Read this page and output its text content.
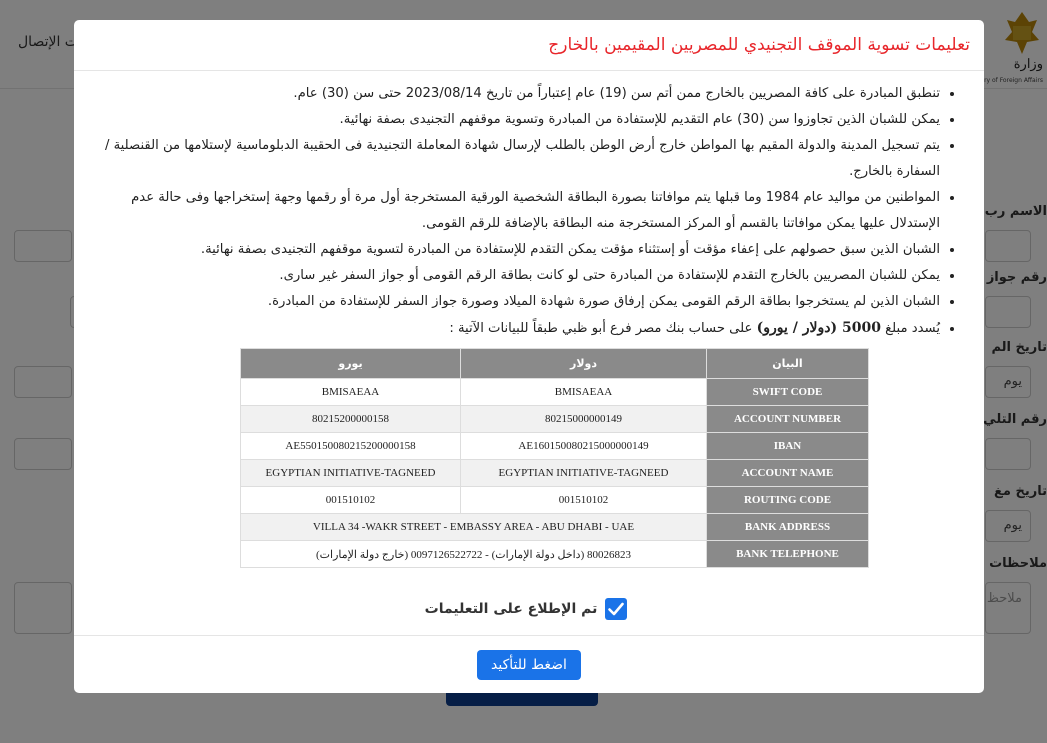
تعليمات تسوية الموقف التجنيدي للمصريين المقيمين بالخارج
• تنطبق المبادرة على كافة المصريين بالخارج ممن أتم سن (19) عام إعتباراً من تاريخ 2023/08/14 حتى سن (30) عام.
• يمكن للشبان الذين تجاوزوا سن (30) عام التقديم للإستفادة من المبادرة وتسوية موقفهم التجنيدى بصفة نهائية.
• يتم تسجيل المدينة والدولة المقيم بها المواطن خارج أرض الوطن بالطلب لإرسال شهادة المعاملة التجنيدية فى الحقيبة الدبلوماسية لإستلامها من القنصلية / السفارة بالخارج.
• المواطنين من مواليد عام 1984 وما قبلها يتم موافاتنا بصورة البطاقة الشخصية الورقية المستخرجة أول مرة أو رقمها وجهة إستخراجها وفى حالة عدم الإستدلال عليها يمكن موافاتنا بالقسم أو المركز المستخرجة منه البطاقة بالإضافة للرقم القومى.
• الشبان الذين سبق حصولهم على إعفاء مؤقت أو إستثناء مؤقت يمكن التقدم للإستفادة من المبادرة لتسوية موقفهم التجنيدى بصفة نهائية.
• يمكن للشبان المصريين بالخارج التقدم للإستفادة من المبادرة حتى لو كانت بطاقة الرقم القومى أو جواز السفر غير سارى.
• الشبان الذين لم يستخرجوا بطاقة الرقم القومى يمكن إرفاق صورة شهادة الميلاد وصورة جواز السفر للإستفادة من المبادرة.
• يُسدد مبلغ 5000 (دولار / يورو) على حساب بنك مصر فرع أبو ظبي طبقاً للبيانات الآتية :
البيان	دولار	يورو
SWIFT CODE	BMISAEAA	BMISAEAA
ACCOUNT NUMBER	80215000000149	80215200000158
IBAN	AE160150080215000000149	AE550150080215200000158
ACCOUNT NAME	EGYPTIAN INITIATIVE-TAGNEED	EGYPTIAN INITIATIVE-TAGNEED
ROUTING CODE	001510102	001510102
BANK ADDRESS	VILLA 34 -WAKR STREET - EMBASSY AREA - ABU DHABI - UAE	
BANK TELEPHONE	80026823 (داخل دولة الإمارات) - 0097126522722 (خارج دولة الإمارات)	
تم الإطلاع على التعليمات
اضغط للتأكيد
